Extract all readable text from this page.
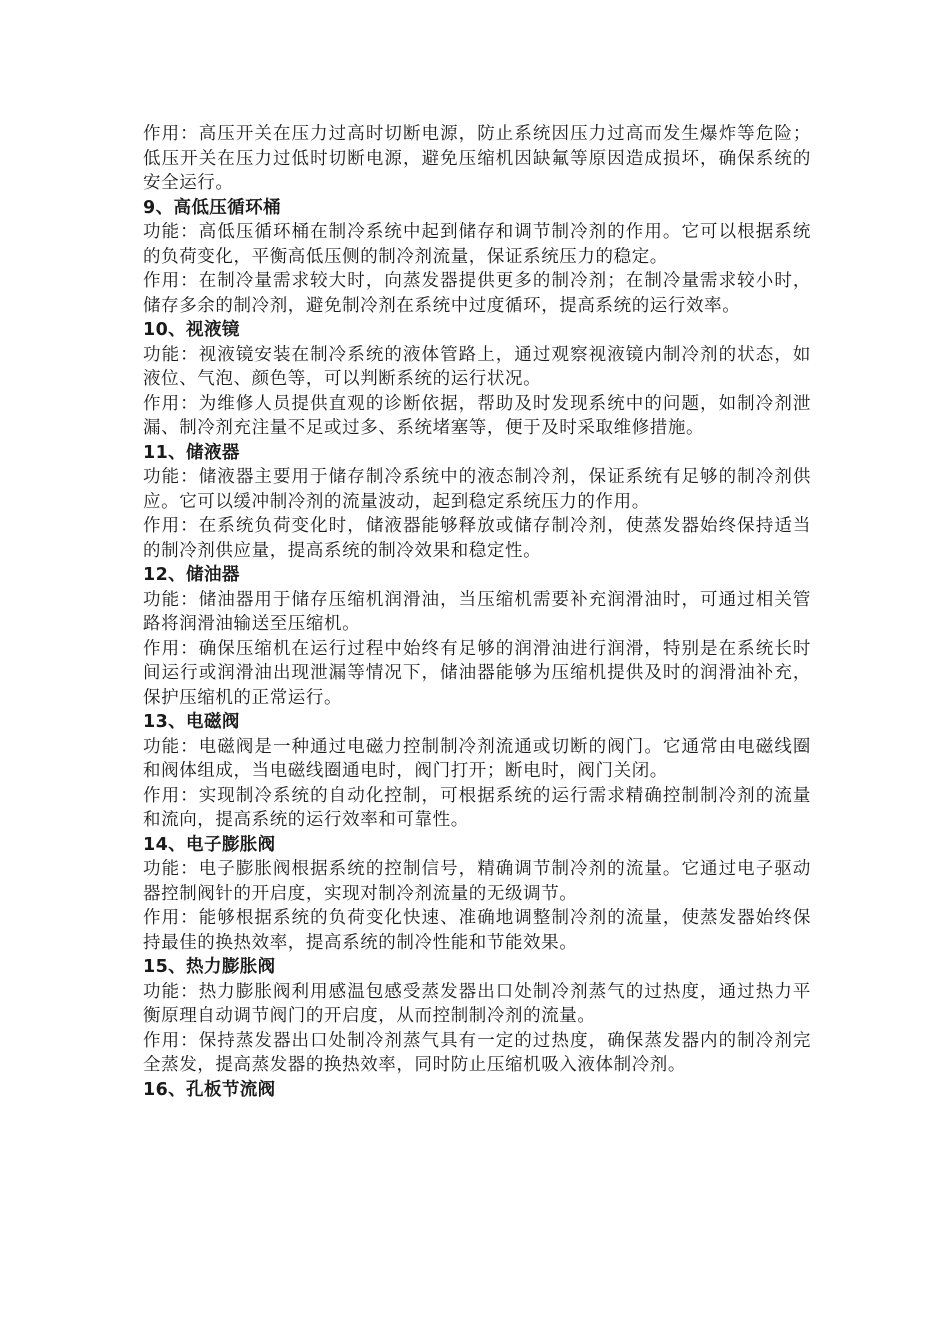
作用：高压开关在压力过高时切断电源，防止系统因压力过高而发生爆炸等危险；低压开关在压力过低时切断电源，避免压缩机因缺氟等原因造成损坏，确保系统的安全运行。

9、高低压循环桶

功能：高低压循环桶在制冷系统中起到储存和调节制冷剂的作用。它可以根据系统的负荷变化，平衡高低压侧的制冷剂流量，保证系统压力的稳定。

作用：在制冷量需求较大时，向蒸发器提供更多的制冷剂；在制冷量需求较小时，储存多余的制冷剂，避免制冷剂在系统中过度循环，提高系统的运行效率。

10、视液镜

功能：视液镜安装在制冷系统的液体管路上，通过观察视液镜内制冷剂的状态，如液位、气泡、颜色等，可以判断系统的运行状况。

作用：为维修人员提供直观的诊断依据，帮助及时发现系统中的问题，如制冷剂泄漏、制冷剂充注量不足或过多、系统堵塞等，便于及时采取维修措施。

11、储液器

功能：储液器主要用于储存制冷系统中的液态制冷剂，保证系统有足够的制冷剂供应。它可以缓冲制冷剂的流量波动，起到稳定系统压力的作用。

作用：在系统负荷变化时，储液器能够释放或储存制冷剂，使蒸发器始终保持适当的制冷剂供应量，提高系统的制冷效果和稳定性。

12、储油器

功能：储油器用于储存压缩机润滑油，当压缩机需要补充润滑油时，可通过相关管路将润滑油输送至压缩机。

作用：确保压缩机在运行过程中始终有足够的润滑油进行润滑，特别是在系统长时间运行或润滑油出现泄漏等情况下，储油器能够为压缩机提供及时的润滑油补充，保护压缩机的正常运行。

13、电磁阀

功能：电磁阀是一种通过电磁力控制制冷剂流通或切断的阀门。它通常由电磁线圈和阀体组成，当电磁线圈通电时，阀门打开；断电时，阀门关闭。

作用：实现制冷系统的自动化控制，可根据系统的运行需求精确控制制冷剂的流量和流向，提高系统的运行效率和可靠性。

14、电子膨胀阀

功能：电子膨胀阀根据系统的控制信号，精确调节制冷剂的流量。它通过电子驱动器控制阀针的开启度，实现对制冷剂流量的无级调节。

作用：能够根据系统的负荷变化快速、准确地调整制冷剂的流量，使蒸发器始终保持最佳的换热效率，提高系统的制冷性能和节能效果。

15、热力膨胀阀

功能：热力膨胀阀利用感温包感受蒸发器出口处制冷剂蒸气的过热度，通过热力平衡原理自动调节阀门的开启度，从而控制制冷剂的流量。

作用：保持蒸发器出口处制冷剂蒸气具有一定的过热度，确保蒸发器内的制冷剂完全蒸发，提高蒸发器的换热效率，同时防止压缩机吸入液体制冷剂。

16、孔板节流阀
